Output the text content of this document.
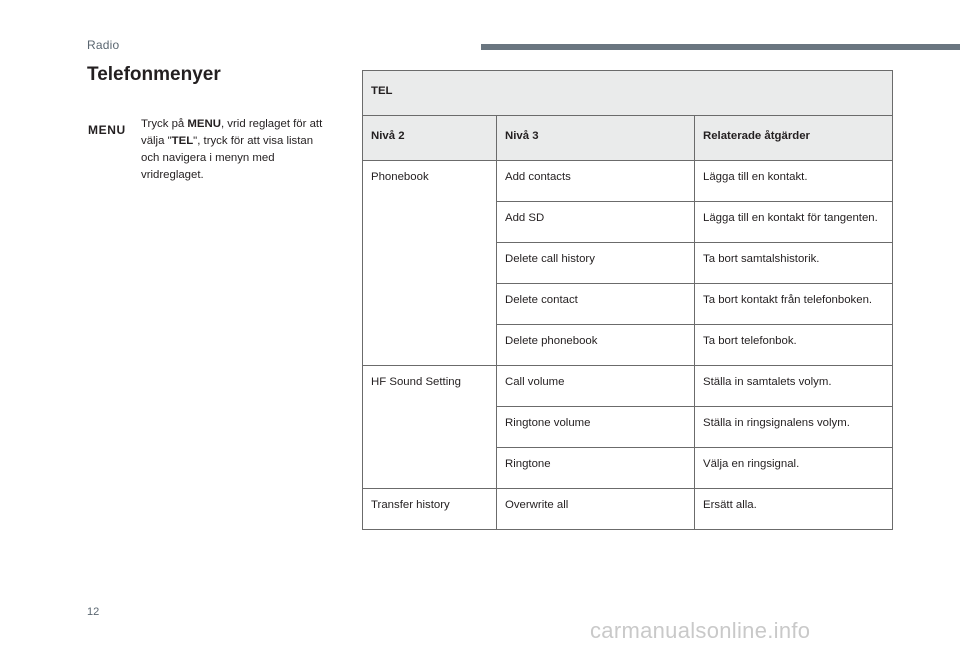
Radio
Telefonmenyer
MENU Tryck på MENU, vrid reglaget för att välja "TEL", tryck för att visa listan och navigera i menyn med vridreglaget.
TEL		
Nivå 2	Nivå 3	Relaterade åtgärder
Phonebook	Add contacts	Lägga till en kontakt.
	Add SD	Lägga till en kontakt för tangenten.
	Delete call history	Ta bort samtalshistorik.
	Delete contact	Ta bort kontakt från telefonboken.
	Delete phonebook	Ta bort telefonbok.
HF Sound Setting	Call volume	Ställa in samtalets volym.
	Ringtone volume	Ställa in ringsignalens volym.
	Ringtone	Välja en ringsignal.
Transfer history	Overwrite all	Ersätt alla.
12
carmanualsonline.info
